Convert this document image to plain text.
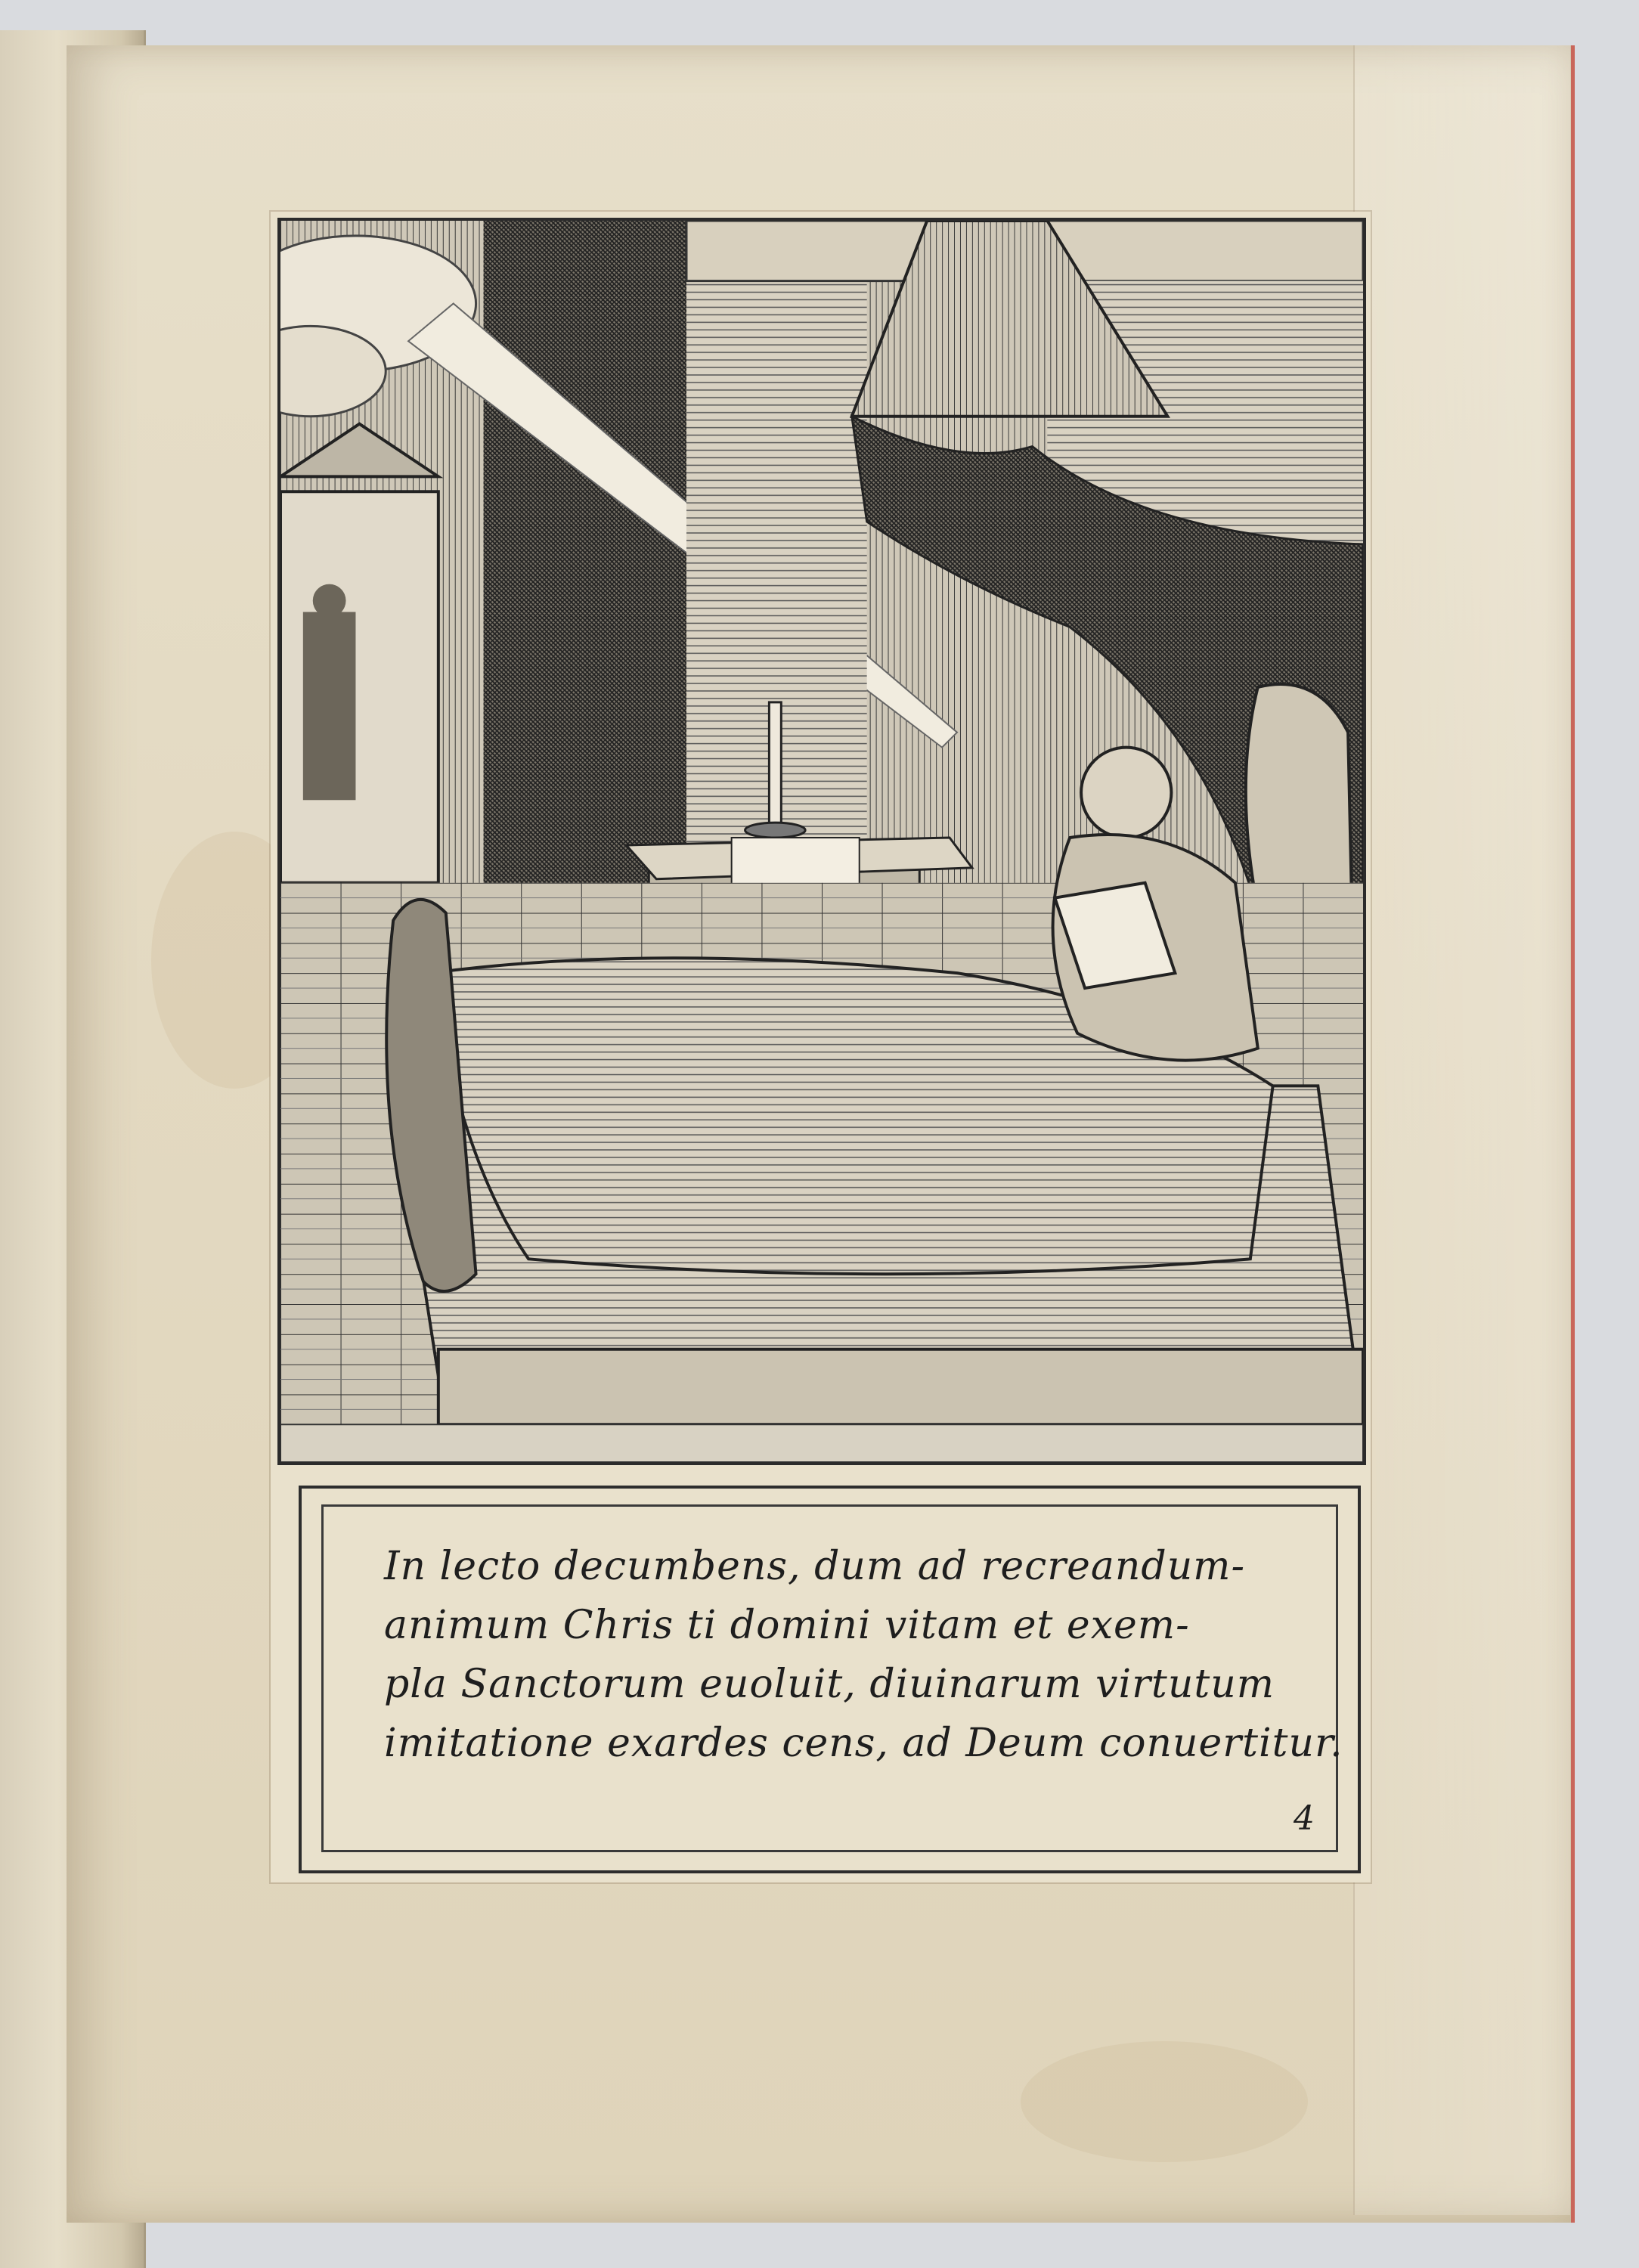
In lecto decumbens, dum ad recreandum-
animum Chris ti domini vitam et exem-
pla Sanctorum euoluit, diuinarum virtutum
imitatione exardes cens, ad Deum conuertitur.
4
